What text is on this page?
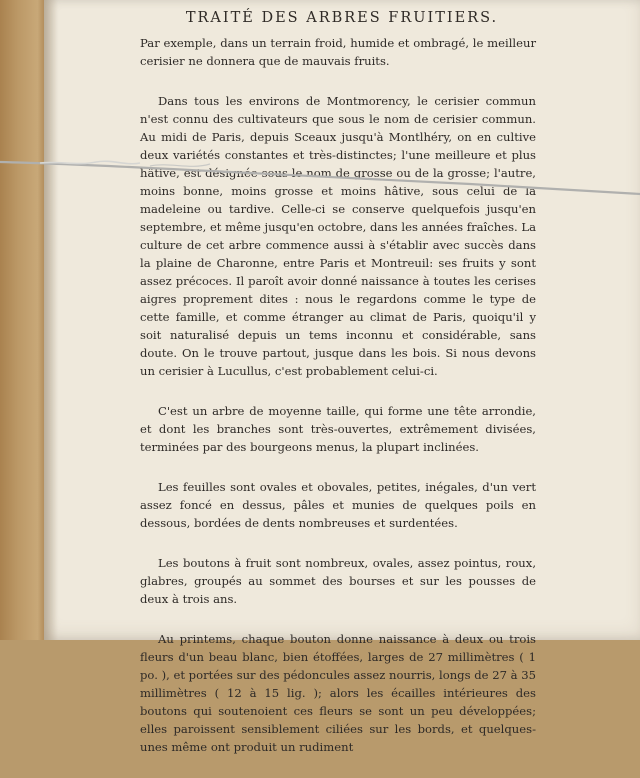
TRAITÉ DES ARBRES FRUITIERS.

Par exemple, dans un terrain froid, humide et ombragé, le meilleur cerisier ne donnera que de mauvais fruits.

Dans tous les environs de Montmorency, le cerisier commun n'est connu des cultivateurs que sous le nom de cerisier commun. Au midi de Paris, depuis Sceaux jusqu'à Montlhéry, on en cultive deux variétés constantes et très-distinctes; l'une meilleure et plus hâtive, est désignée sous le nom de grosse ou de la grosse; l'autre, moins bonne, moins grosse et moins hâtive, sous celui de la madeleine ou tardive. Celle-ci se conserve quelquefois jusqu'en septembre, et même jusqu'en octobre, dans les années fraîches. La culture de cet arbre commence aussi à s'établir avec succès dans la plaine de Charonne, entre Paris et Montreuil: ses fruits y sont assez précoces. Il paroît avoir donné naissance à toutes les cerises aigres proprement dites : nous le regardons comme le type de cette famille, et comme étranger au climat de Paris, quoiqu'il y soit naturalisé depuis un tems inconnu et considérable, sans doute. On le trouve partout, jusque dans les bois. Si nous devons un cerisier à Lucullus, c'est probablement celui-ci.

C'est un arbre de moyenne taille, qui forme une tête arrondie, et dont les branches sont très-ouvertes, extrêmement divisées, terminées par des bourgeons menus, la plupart inclinées.

Les feuilles sont ovales et obovales, petites, inégales, d'un vert assez foncé en dessus, pâles et munies de quelques poils en dessous, bordées de dents nombreuses et surdentées.

Les boutons à fruit sont nombreux, ovales, assez pointus, roux, glabres, groupés au sommet des bourses et sur les pousses de deux à trois ans.

Au printems, chaque bouton donne naissance à deux ou trois fleurs d'un beau blanc, bien étoffées, larges de 27 millimètres ( 1 po. ), et portées sur des pédoncules assez nourris, longs de 27 à 35 millimètres ( 12 à 15 lig. ); alors les écailles intérieures des boutons qui soutenoient ces fleurs se sont un peu développées; elles paroissent sensiblement ciliées sur les bords, et quelques-unes même ont produit un rudiment
